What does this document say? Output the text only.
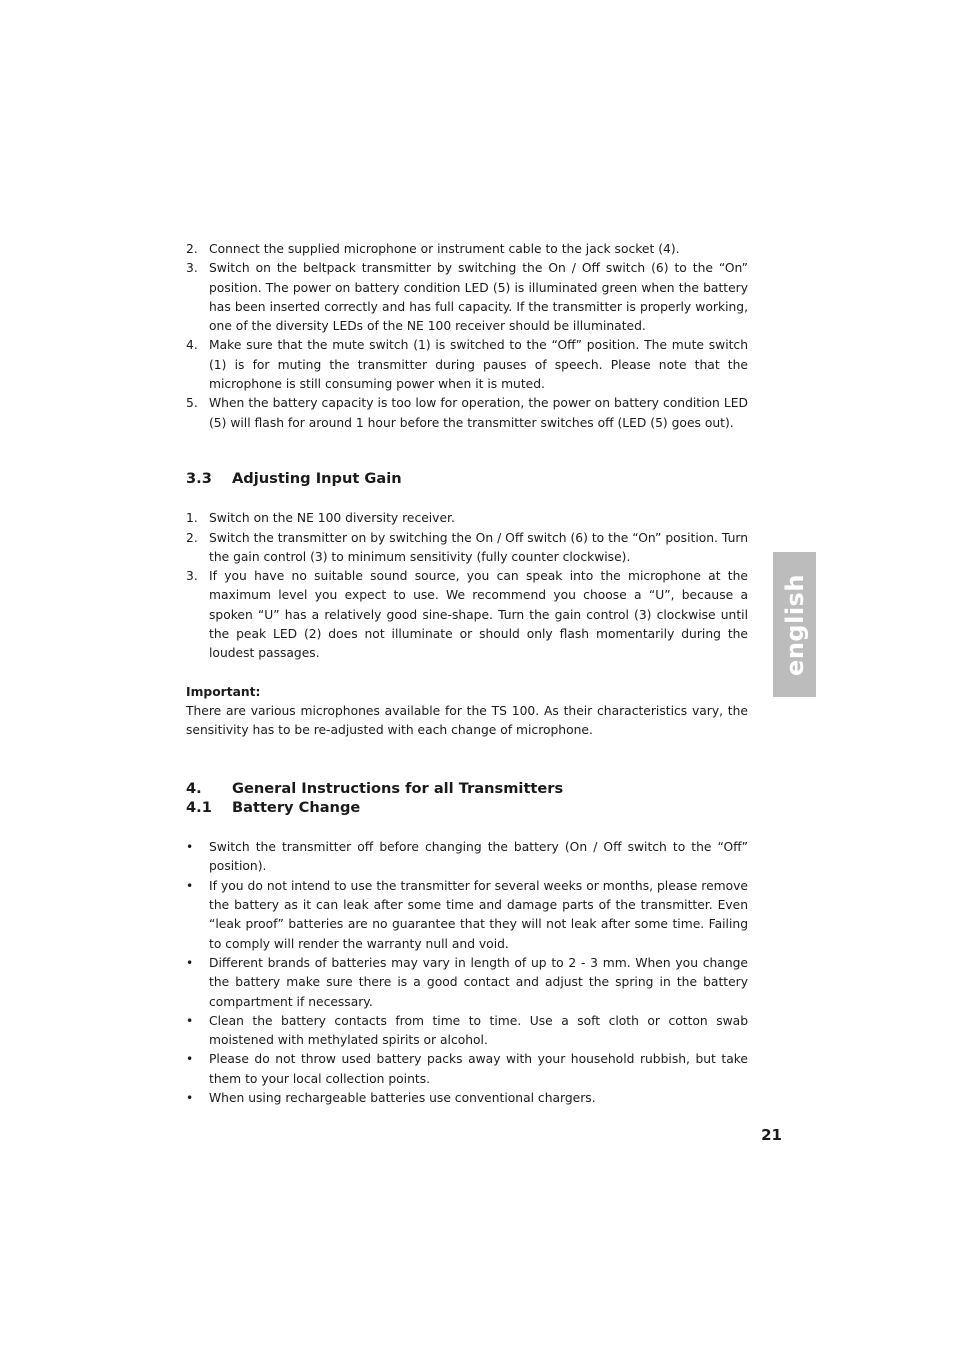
2. Connect the supplied microphone or instrument cable to the jack socket (4).
3. Switch on the beltpack transmitter by switching the On / Off switch (6) to the “On” position. The power on battery condition LED (5) is illuminated green when the battery has been inserted correctly and has full capacity. If the transmitter is properly working, one of the diversity LEDs of the NE 100 receiver should be illuminated.
4. Make sure that the mute switch (1) is switched to the “Off” position. The mute switch (1) is for muting the transmitter during pauses of speech. Please note that the microphone is still consuming power when it is muted.
5. When the battery capacity is too low for operation, the power on battery condition LED (5) will flash for around 1 hour before the transmitter switches off (LED (5) goes out).
3.3	Adjusting Input Gain
1. Switch on the NE 100 diversity receiver.
2. Switch the transmitter on by switching the On / Off switch (6) to the “On” position. Turn the gain control (3) to minimum sensitivity (fully counter clockwise).
3. If you have no suitable sound source, you can speak into the microphone at the maximum level you expect to use. We recommend you choose a “U”, because a spoken “U” has a relatively good sine-shape. Turn the gain control (3) clockwise until the peak LED (2) does not illuminate or should only flash momentarily during the loudest passages.
Important:
There are various microphones available for the TS 100. As their characteristics vary, the sensitivity has to be re-adjusted with each change of microphone.
4.	General Instructions for all Transmitters
4.1	Battery Change
• Switch the transmitter off before changing the battery (On / Off switch to the “Off” position).
• If you do not intend to use the transmitter for several weeks or months, please remove the battery as it can leak after some time and damage parts of the transmitter. Even “leak proof” batteries are no guarantee that they will not leak after some time. Failing to comply will render the warranty null and void.
• Different brands of batteries may vary in length of up to 2 - 3 mm. When you change the battery make sure there is a good contact and adjust the spring in the battery compartment if necessary.
• Clean the battery contacts from time to time. Use a soft cloth or cotton swab moistened with methylated spirits or alcohol.
• Please do not throw used battery packs away with your household rubbish, but take them to your local collection points.
• When using rechargeable batteries use conventional chargers.
english
21
